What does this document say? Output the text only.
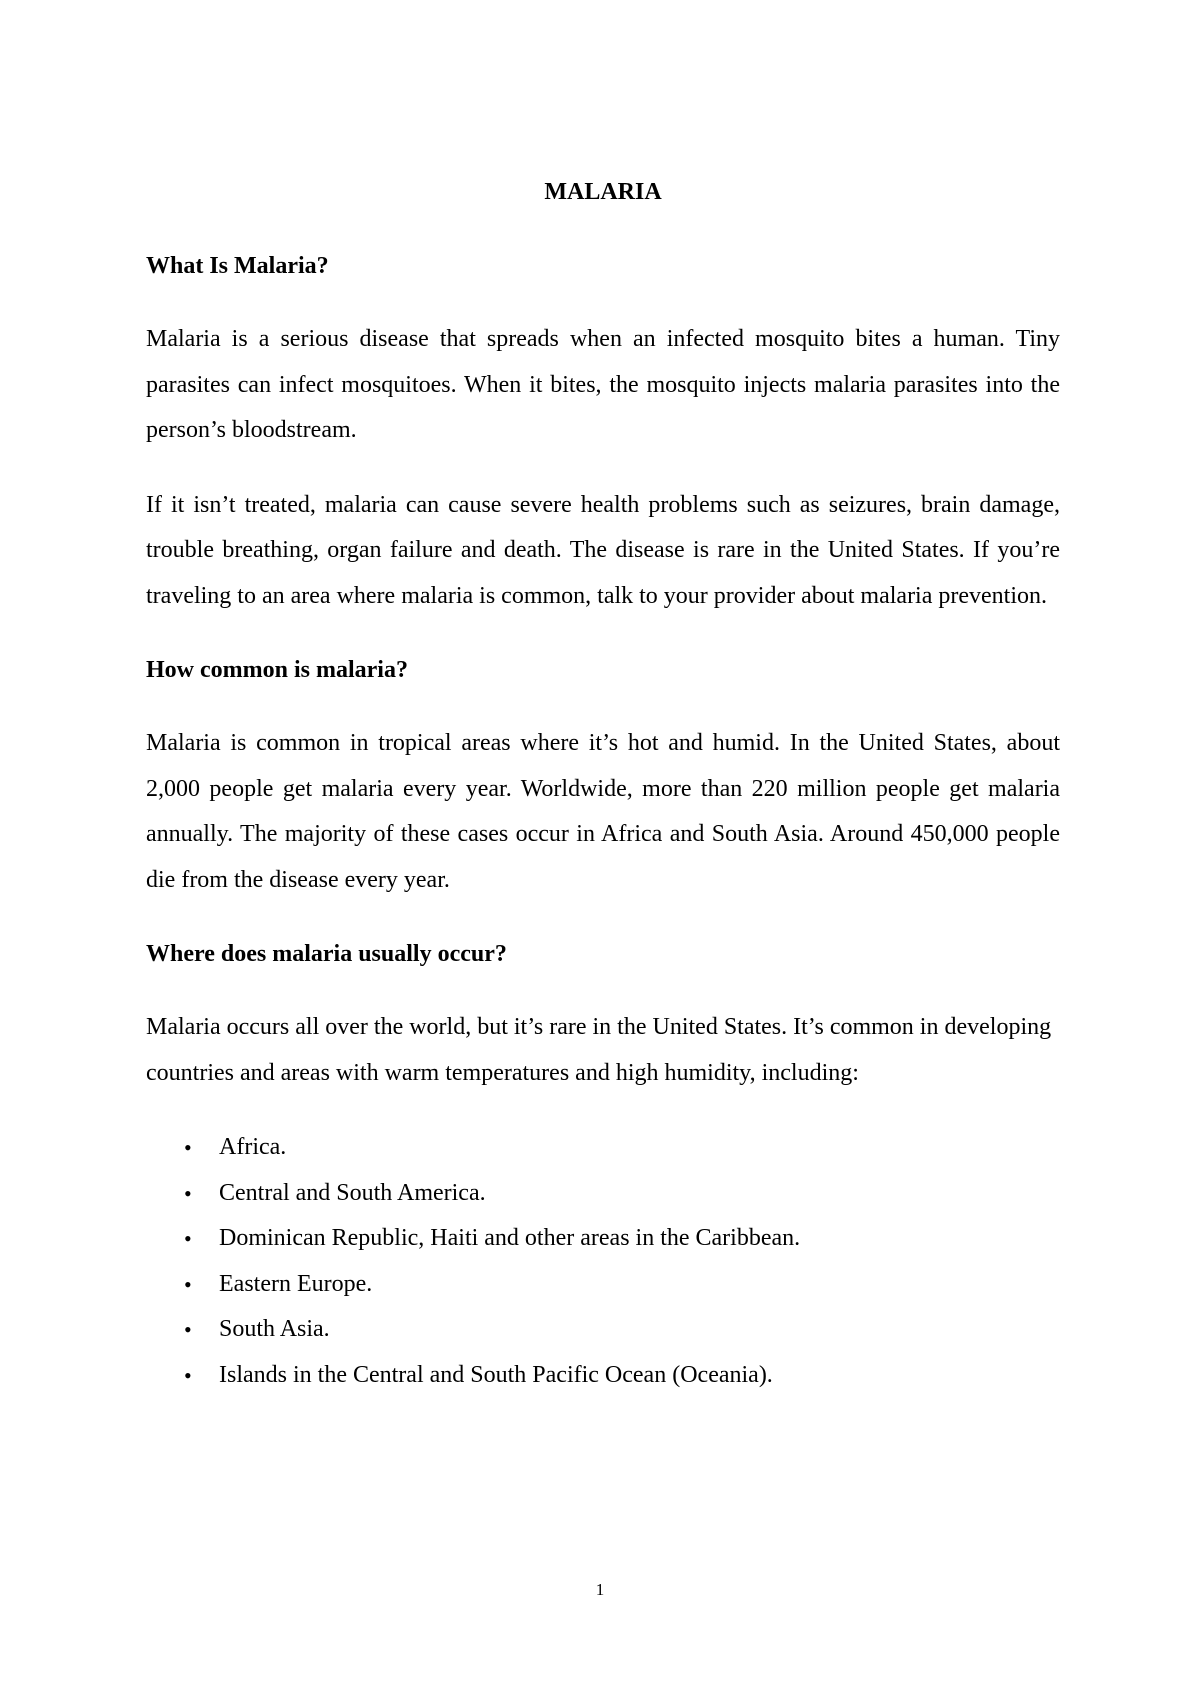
MALARIA
What Is Malaria?

Malaria is a serious disease that spreads when an infected mosquito bites a human. Tiny parasites can infect mosquitoes. When it bites, the mosquito injects malaria parasites into the person’s bloodstream.

If it isn’t treated, malaria can cause severe health problems such as seizures, brain damage, trouble breathing, organ failure and death. The disease is rare in the United States. If you’re traveling to an area where malaria is common, talk to your provider about malaria prevention.

How common is malaria?

Malaria is common in tropical areas where it’s hot and humid. In the United States, about 2,000 people get malaria every year. Worldwide, more than 220 million people get malaria annually. The majority of these cases occur in Africa and South Asia. Around 450,000 people die from the disease every year.

Where does malaria usually occur?

Malaria occurs all over the world, but it’s rare in the United States. It’s common in developing countries and areas with warm temperatures and high humidity, including:

• Africa.
• Central and South America.
• Dominican Republic, Haiti and other areas in the Caribbean.
• Eastern Europe.
• South Asia.
• Islands in the Central and South Pacific Ocean (Oceania).
1
